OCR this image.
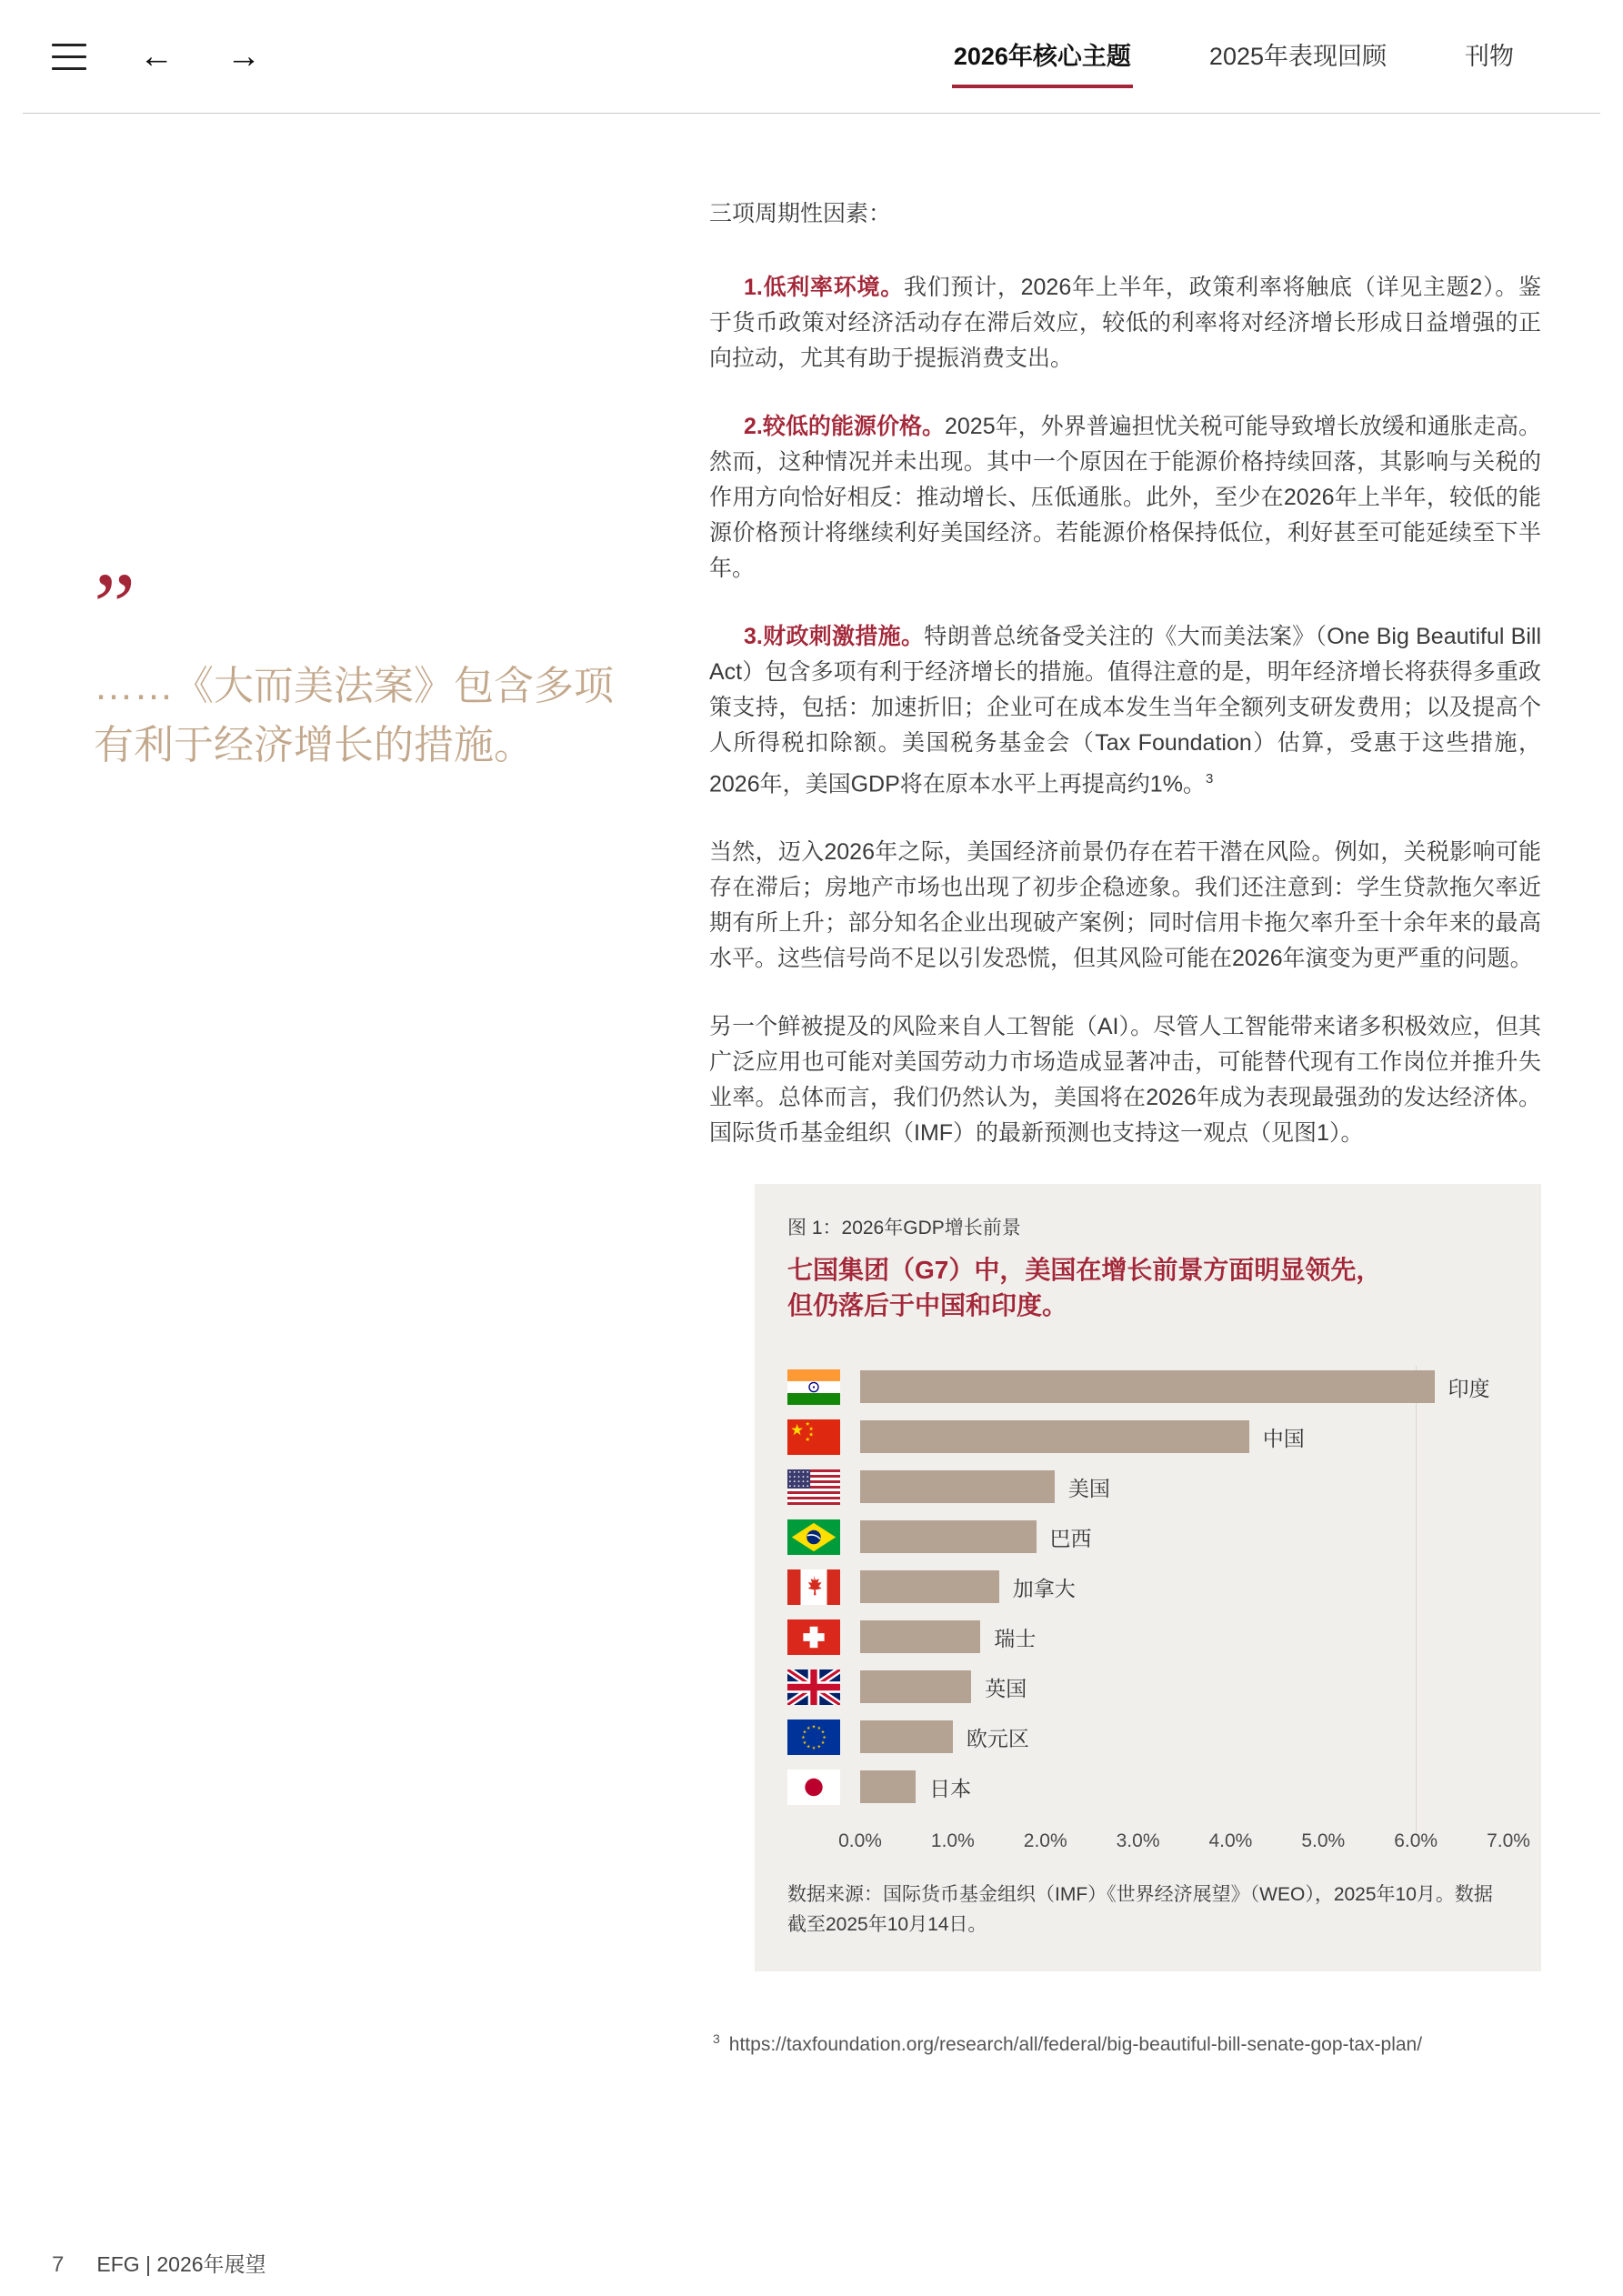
← →	2026年核心主题	2025年表现回顾	刊物
”
……《大而美法案》包含多项有利于经济增长的措施。

三项周期性因素：

1.低利率环境。我们预计，2026年上半年，政策利率将触底（详见主题2）。鉴于货币政策对经济活动存在滞后效应，较低的利率将对经济增长形成日益增强的正向拉动，尤其有助于提振消费支出。

2.较低的能源价格。2025年，外界普遍担忧关税可能导致增长放缓和通胀走高。然而，这种情况并未出现。其中一个原因在于能源价格持续回落，其影响与关税的作用方向恰好相反：推动增长、压低通胀。此外，至少在2026年上半年，较低的能源价格预计将继续利好美国经济。若能源价格保持低位，利好甚至可能延续至下半年。

3.财政刺激措施。特朗普总统备受关注的《大而美法案》（One Big Beautiful Bill Act）包含多项有利于经济增长的措施。值得注意的是，明年经济增长将获得多重政策支持，包括：加速折旧；企业可在成本发生当年全额列支研发费用；以及提高个人所得税扣除额。美国税务基金会（Tax Foundation）估算，受惠于这些措施，2026年，美国GDP将在原本水平上再提高约1%。$^3$

当然，迈入2026年之际，美国经济前景仍存在若干潜在风险。例如，关税影响可能存在滞后；房地产市场也出现了初步企稳迹象。我们还注意到：学生贷款拖欠率近期有所上升；部分知名企业出现破产案例；同时信用卡拖欠率升至十余年来的最高水平。这些信号尚不足以引发恐慌，但其风险可能在2026年演变为更严重的问题。

另一个鲜被提及的风险来自人工智能（AI）。尽管人工智能带来诸多积极效应，但其广泛应用也可能对美国劳动力市场造成显著冲击，可能替代现有工作岗位并推升失业率。总体而言，我们仍然认为，美国将在2026年成为表现最强劲的发达经济体。国际货币基金组织（IMF）的最新预测也支持这一观点（见图1）。

图 1：2026年GDP增长前景
七国集团（G7）中，美国在增长前景方面明显领先，
但仍落后于中国和印度。
印度
中国
美国
巴西
加拿大
瑞士
英国
欧元区
日本
0.0%	1.0%	2.0%	3.0%	4.0%	5.0%	6.0%	7.0%
数据来源：国际货币基金组织（IMF）《世界经济展望》（WEO），2025年10月。数据截至2025年10月14日。
$^3$ https://taxfoundation.org/research/all/federal/big-beautiful-bill-senate-gop-tax-plan/
7 EFG | 2026年展望
